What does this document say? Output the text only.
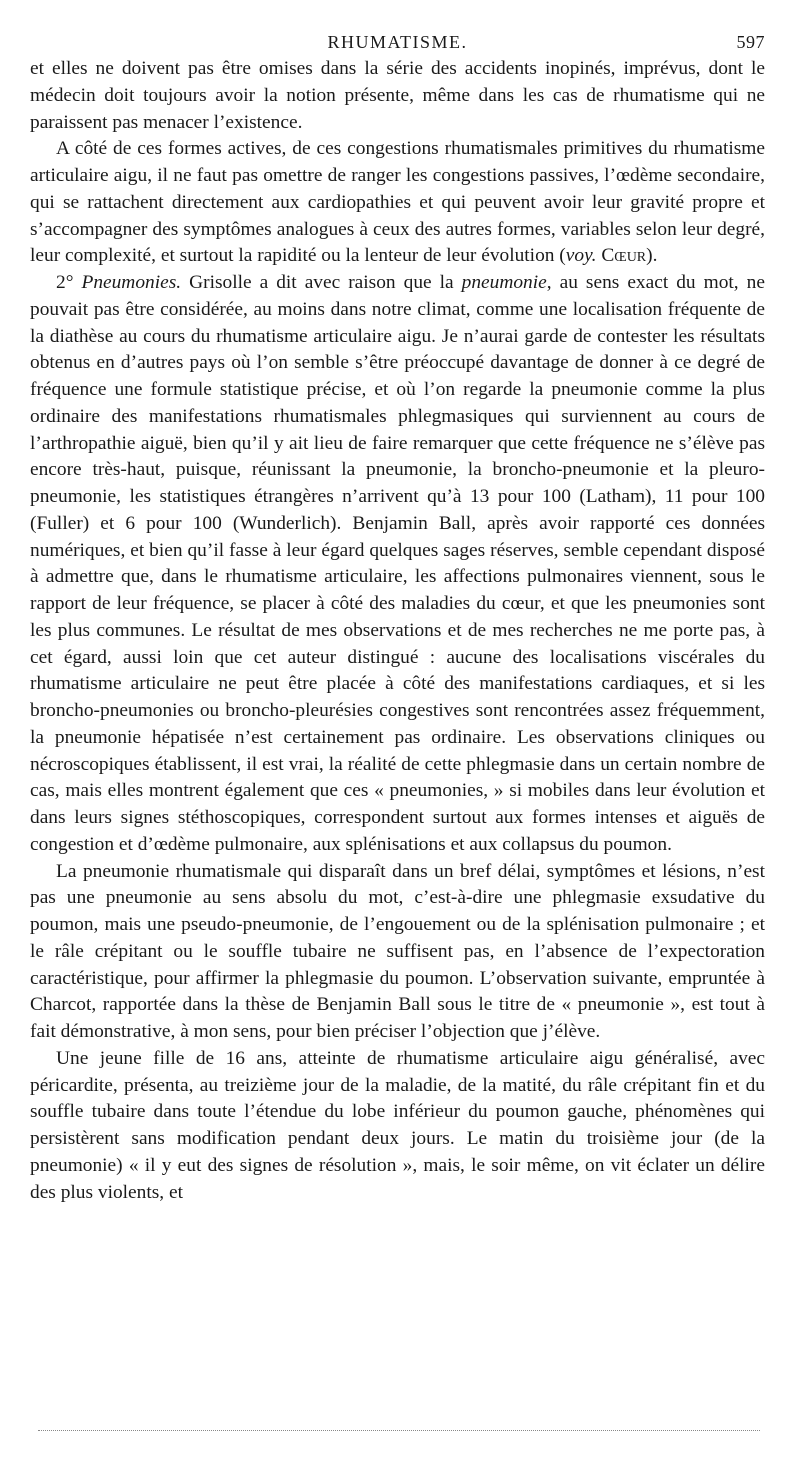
RHUMATISME.	597

et elles ne doivent pas être omises dans la série des accidents inopinés, imprévus, dont le médecin doit toujours avoir la notion présente, même dans les cas de rhumatisme qui ne paraissent pas menacer l’existence.

A côté de ces formes actives, de ces congestions rhumatismales primitives du rhumatisme articulaire aigu, il ne faut pas omettre de ranger les congestions passives, l’œdème secondaire, qui se rattachent directement aux cardiopathies et qui peuvent avoir leur gravité propre et s’accompagner des symptômes analogues à ceux des autres formes, variables selon leur degré, leur complexité, et surtout la rapidité ou la lenteur de leur évolution (voy. Cœur).

2° Pneumonies. Grisolle a dit avec raison que la pneumonie, au sens exact du mot, ne pouvait pas être considérée, au moins dans notre climat, comme une localisation fréquente de la diathèse au cours du rhumatisme articulaire aigu. Je n’aurai garde de contester les résultats obtenus en d’autres pays où l’on semble s’être préoccupé davantage de donner à ce degré de fréquence une formule statistique précise, et où l’on regarde la pneumonie comme la plus ordinaire des manifestations rhumatismales phlegmasiques qui surviennent au cours de l’arthropathie aiguë, bien qu’il y ait lieu de faire remarquer que cette fréquence ne s’élève pas encore très-haut, puisque, réunissant la pneumonie, la broncho-pneumonie et la pleuro-pneumonie, les statistiques étrangères n’arrivent qu’à 13 pour 100 (Latham), 11 pour 100 (Fuller) et 6 pour 100 (Wunderlich). Benjamin Ball, après avoir rapporté ces données numériques, et bien qu’il fasse à leur égard quelques sages réserves, semble cependant disposé à admettre que, dans le rhumatisme articulaire, les affections pulmonaires viennent, sous le rapport de leur fréquence, se placer à côté des maladies du cœur, et que les pneumonies sont les plus communes. Le résultat de mes observations et de mes recherches ne me porte pas, à cet égard, aussi loin que cet auteur distingué : aucune des localisations viscérales du rhumatisme articulaire ne peut être placée à côté des manifestations cardiaques, et si les broncho-pneumonies ou broncho-pleurésies congestives sont rencontrées assez fréquemment, la pneumonie hépatisée n’est certainement pas ordinaire. Les observations cliniques ou nécroscopiques établissent, il est vrai, la réalité de cette phlegmasie dans un certain nombre de cas, mais elles montrent également que ces « pneumonies, » si mobiles dans leur évolution et dans leurs signes stéthoscopiques, correspondent surtout aux formes intenses et aiguës de congestion et d’œdème pulmonaire, aux splénisations et aux collapsus du poumon.

La pneumonie rhumatismale qui disparaît dans un bref délai, symptômes et lésions, n’est pas une pneumonie au sens absolu du mot, c’est-à-dire une phlegmasie exsudative du poumon, mais une pseudo-pneumonie, de l’engouement ou de la splénisation pulmonaire ; et le râle crépitant ou le souffle tubaire ne suffisent pas, en l’absence de l’expectoration caractéristique, pour affirmer la phlegmasie du poumon. L’observation suivante, empruntée à Charcot, rapportée dans la thèse de Benjamin Ball sous le titre de « pneumonie », est tout à fait démonstrative, à mon sens, pour bien préciser l’objection que j’élève.

Une jeune fille de 16 ans, atteinte de rhumatisme articulaire aigu généralisé, avec péricardite, présenta, au treizième jour de la maladie, de la matité, du râle crépitant fin et du souffle tubaire dans toute l’étendue du lobe inférieur du poumon gauche, phénomènes qui persistèrent sans modification pendant deux jours. Le matin du troisième jour (de la pneumonie) « il y eut des signes de résolution », mais, le soir même, on vit éclater un délire des plus violents, et
